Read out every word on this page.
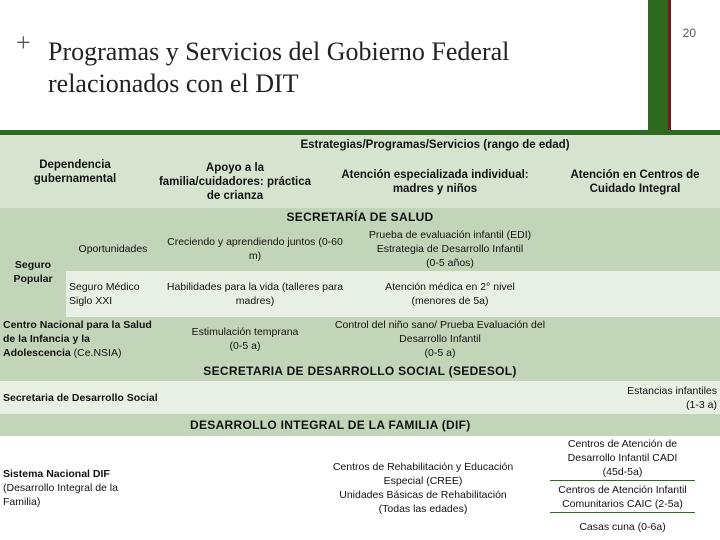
+ Programas y Servicios del Gobierno Federal relacionados con el DIT
20
Dependencia gubernamental
Estrategias/Programas/Servicios (rango de edad)
Apoyo a la familia/cuidadores: práctica de crianza
Atención especializada individual: madres y niños
Atención en Centros de Cuidado Integral
SECRETARÍA DE SALUD
Seguro Popular
Oportunidades
Creciendo y aprendiendo juntos (0-60 m)
Prueba de evaluación infantil (EDI)
Estrategia de Desarrollo Infantil
(0-5 años)
Seguro Médico
Siglo XXI
Habilidades para la vida (talleres para madres)
Atención médica en 2° nivel
(menores de 5a)
Centro Nacional para la Salud de la Infancia y la Adolescencia (Ce.NSIA)
Estimulación temprana
(0-5 a)
Control del niño sano/ Prueba Evaluación del Desarrollo Infantil
(0-5 a)
SECRETARIA DE DESARROLLO SOCIAL (SEDESOL)
Secretaria de Desarrollo Social
Estancias infantiles
(1-3 a)
DESARROLLO INTEGRAL DE LA FAMILIA (DIF)
Sistema Nacional DIF
(Desarrollo Integral de la Familia)
Centros de Rehabilitación y Educación Especial (CREE)
Unidades Básicas de Rehabilitación
(Todas las edades)
Centros de Atención de Desarrollo Infantil CADI
(45d-5a)
Centros de Atención Infantil Comunitarios CAIC (2-5a)
Casas cuna (0-6a)
